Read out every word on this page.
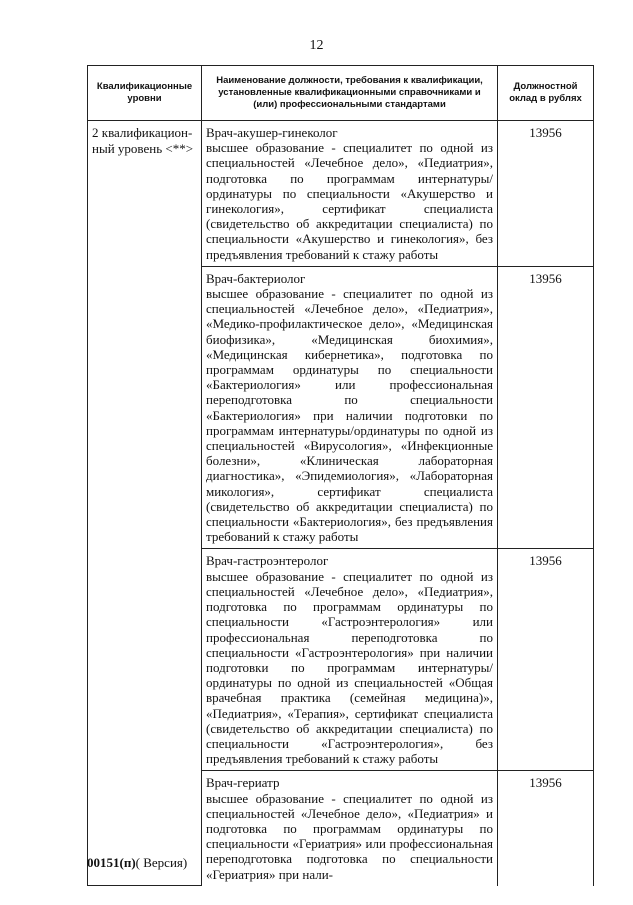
12
Квалификационные уровни	Наименование должности, требования к квалификации, установленные квалификационными справочниками и (или) профессиональными стандартами	Должностной оклад в рублях
2 квалификацион-ный уровень <**>	Врач-акушер-гинеколог
высшее образование - специалитет по одной из специальностей «Лечебное дело», «Педиатрия», подготовка по программам интернатуры/ординатуры по специальности «Акушерство и гинекология», сертификат специалиста (свидетельство об аккредитации специалиста) по специальности «Акушерство и гинекология», без предъявления требований к стажу работы	13956

	Врач-бактериолог
высшее образование - специалитет по одной из специальностей «Лечебное дело», «Педиатрия», «Медико-профилактическое дело», «Медицинская биофизика», «Медицинская биохимия», «Медицинская кибернетика», подготовка по программам ординатуры по специальности «Бактериология» или профессиональная переподготовка по специальности «Бактериология» при наличии подготовки по программам интернатуры/ординатуры по одной из специальностей «Вирусология», «Инфекционные болезни», «Клиническая лабораторная диагностика», «Эпидемиология», «Лабораторная микология», сертификат специалиста (свидетельство об аккредитации специалиста) по специальности «Бактериология», без предъявления требований к стажу работы	13956

	Врач-гастроэнтеролог
высшее образование - специалитет по одной из специальностей «Лечебное дело», «Педиатрия», подготовка по программам ординатуры по специальности «Гастроэнтерология» или профессиональная переподготовка по специальности «Гастроэнтерология» при наличии подготовки по программам интернатуры/ординатуры по одной из специальностей «Общая врачебная практика (семейная медицина)», «Педиатрия», «Терапия», сертификат специалиста (свидетельство об аккредитации специалиста) по специальности «Гастроэнтерология», без предъявления требований к стажу работы	13956

	Врач-гериатр
высшее образование - специалитет по одной из специальностей «Лечебное дело», «Педиатрия» и подготовка по программам ординатуры по специальности «Гериатрия» или профессиональная переподготовка подготовка по специальности «Гериатрия» при нали-	13956
00151(п)( Версия)
